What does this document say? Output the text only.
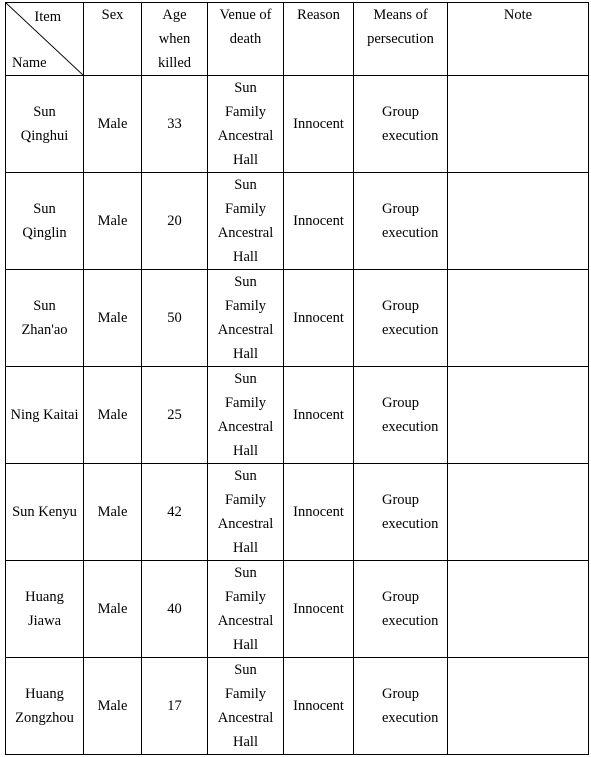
Item
Name	Sex	Age when killed	Venue of death	Reason	Means of persecution	Note

Sun Qinghui	Male	33	Sun Family Ancestral Hall	Innocent	Group execution	

Sun Qinglin	Male	20	Sun Family Ancestral Hall	Innocent	Group execution	

Sun Zhan'ao	Male	50	Sun Family Ancestral Hall	Innocent	Group execution	

Ning Kaitai	Male	25	Sun Family Ancestral Hall	Innocent	Group execution	

Sun Kenyu	Male	42	Sun Family Ancestral Hall	Innocent	Group execution	

Huang Jiawa	Male	40	Sun Family Ancestral Hall	Innocent	Group execution	

Huang Zongzhou	Male	17	Sun Family Ancestral Hall	Innocent	Group execution	
